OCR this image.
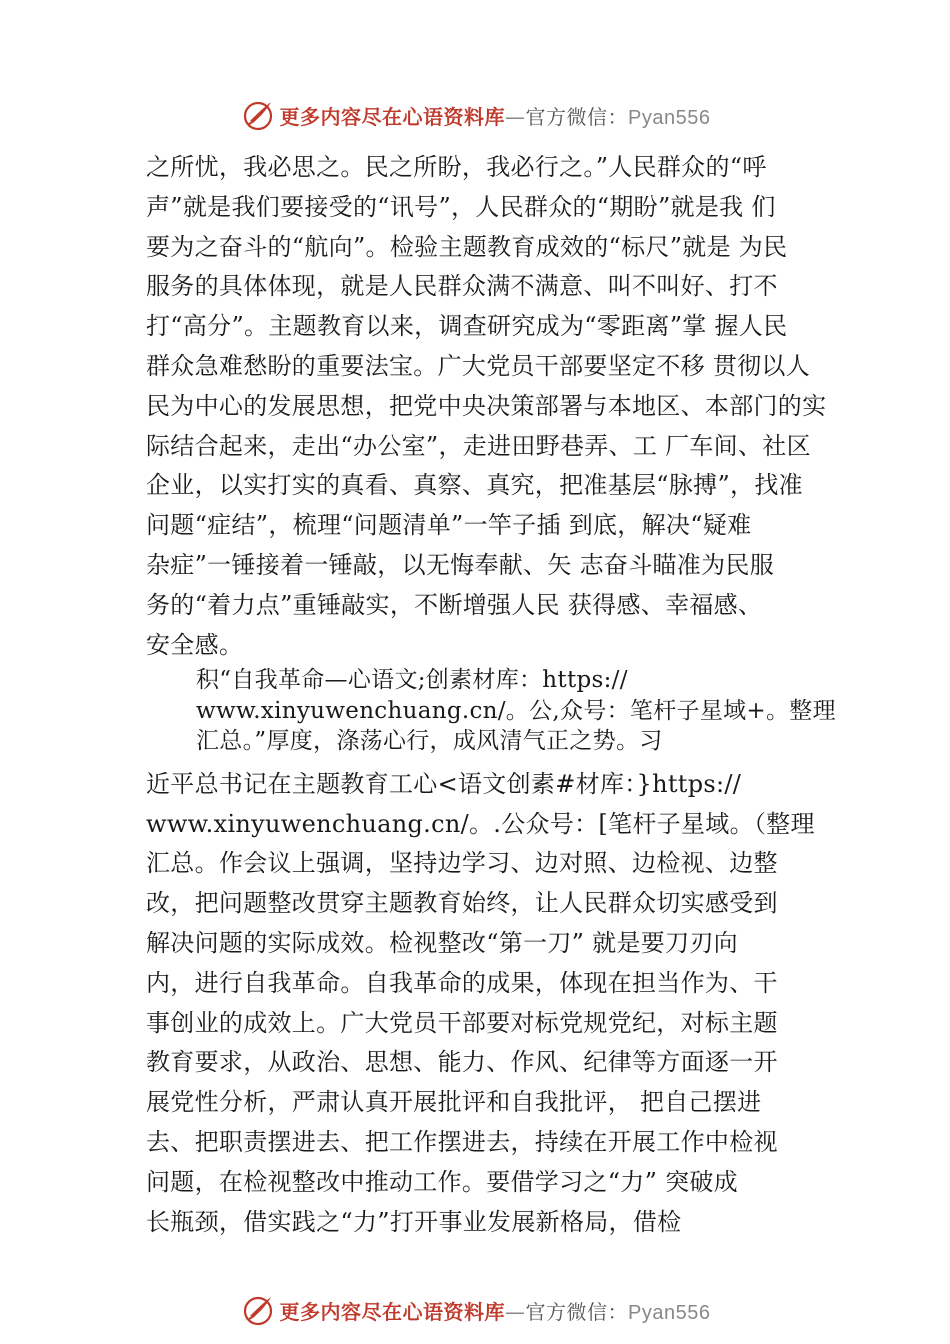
更多内容尽在心语资料库—官方微信：Pyan556
之所忧，我必思之。民之所盼，我必行之。”人民群众的“呼
声”就是我们要接受的“讯号”，人民群众的“期盼”就是我 们
要为之奋斗的“航向”。检验主题教育成效的“标尺”就是 为民
服务的具体体现，就是人民群众满不满意、叫不叫好、打不
打“高分”。主题教育以来，调查研究成为“零距离”掌 握人民
群众急难愁盼的重要法宝。广大党员干部要坚定不移 贯彻以人
民为中心的发展思想，把党中央决策部署与本地区、本部门的实
际结合起来，走出“办公室”，走进田野巷弄、工 厂车间、社区
企业，以实打实的真看、真察、真究，把准基层“脉搏”，找准
问题“症结”，梳理“问题清单”一竿子插 到底，解决“疑难
杂症”一锤接着一锤敲，以无悔奉献、矢 志奋斗瞄准为民服
务的“着力点”重锤敲实，不断增强人民 获得感、幸福感、
安全感。
积“自我革命—心语文;创素材库：https://
www.xinyuwenchuang.cn/。公,众号：笔杆子星域+。整理
汇总。”厚度，涤荡心行，成风清气正之势。习
近平总书记在主题教育工心<语文创素#材库：}https://
www.xinyuwenchuang.cn/。.公众号：[笔杆子星域。（整理
汇总。作会议上强调，坚持边学习、边对照、边检视、边整
改，把问题整改贯穿主题教育始终，让人民群众切实感受到
解决问题的实际成效。检视整改“第一刀” 就是要刀刃向
内，进行自我革命。自我革命的成果，体现在担当作为、干
事创业的成效上。广大党员干部要对标党规党纪，对标主题
教育要求，从政治、思想、能力、作风、纪律等方面逐一开
展党性分析，严肃认真开展批评和自我批评， 把自己摆进
去、把职责摆进去、把工作摆进去，持续在开展工作中检视
问题，在检视整改中推动工作。要借学习之“力” 突破成
长瓶颈，借实践之“力”打开事业发展新格局，借检
更多内容尽在心语资料库—官方微信：Pyan556
